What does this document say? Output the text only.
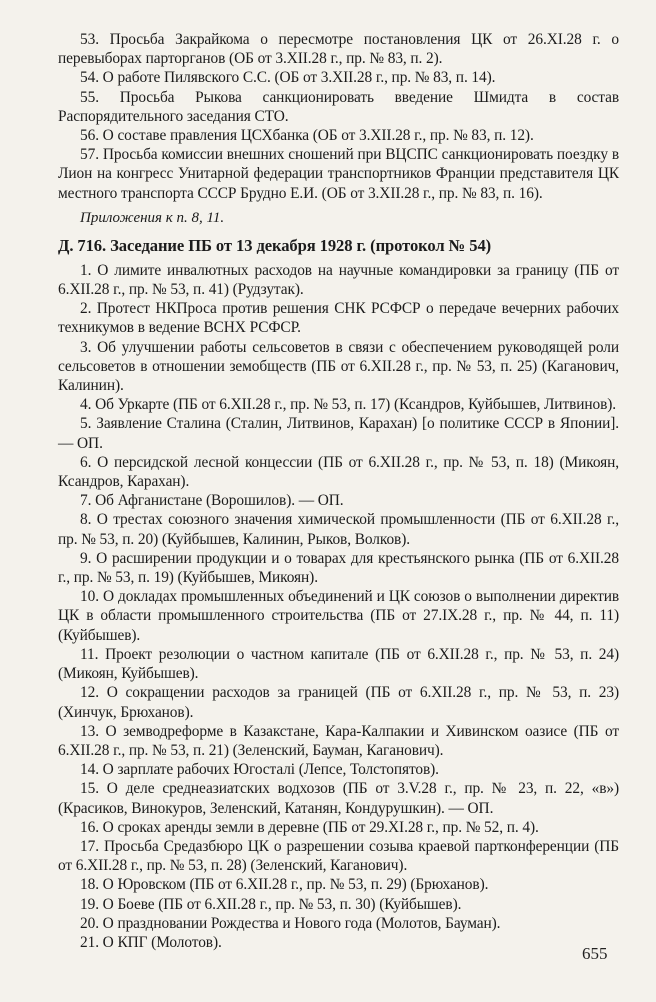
53. Просьба Закрайкома о пересмотре постановления ЦК от 26.XI.28 г. о перевыборах парторганов (ОБ от 3.XII.28 г., пр. № 83, п. 2).

54. О работе Пилявского С.С. (ОБ от 3.XII.28 г., пр. № 83, п. 14).

55. Просьба Рыкова санкционировать введение Шмидта в состав Распорядительного заседания СТО.

56. О составе правления ЦСХбанка (ОБ от 3.XII.28 г., пр. № 83, п. 12).

57. Просьба комиссии внешних сношений при ВЦСПС санкционировать поездку в Лион на конгресс Унитарной федерации транспортников Франции представителя ЦК местного транспорта СССР Брудно Е.И. (ОБ от 3.XII.28 г., пр. № 83, п. 16).

Приложения к п. 8, 11.

Д. 716. Заседание ПБ от 13 декабря 1928 г. (протокол № 54)

1. О лимите инвалютных расходов на научные командировки за границу (ПБ от 6.XII.28 г., пр. № 53, п. 41) (Рудзутак).

2. Протест НКПроса против решения СНК РСФСР о передаче вечерних рабочих техникумов в ведение ВСНХ РСФСР.

3. Об улучшении работы сельсоветов в связи с обеспечением руководящей роли сельсоветов в отношении земобществ (ПБ от 6.XII.28 г., пр. № 53, п. 25) (Каганович, Калинин).

4. Об Уркарте (ПБ от 6.XII.28 г., пр. № 53, п. 17) (Ксандров, Куйбышев, Литвинов).

5. Заявление Сталина (Сталин, Литвинов, Карахан) [о политике СССР в Японии]. — ОП.

6. О персидской лесной концессии (ПБ от 6.XII.28 г., пр. № 53, п. 18) (Микоян, Ксандров, Карахан).

7. Об Афганистане (Ворошилов). — ОП.

8. О трестах союзного значения химической промышленности (ПБ от 6.XII.28 г., пр. № 53, п. 20) (Куйбышев, Калинин, Рыков, Волков).

9. О расширении продукции и о товарах для крестьянского рынка (ПБ от 6.XII.28 г., пр. № 53, п. 19) (Куйбышев, Микоян).

10. О докладах промышленных объединений и ЦК союзов о выполнении директив ЦК в области промышленного строительства (ПБ от 27.IX.28 г., пр. № 44, п. 11) (Куйбышев).

11. Проект резолюции о частном капитале (ПБ от 6.XII.28 г., пр. № 53, п. 24) (Микоян, Куйбышев).

12. О сокращении расходов за границей (ПБ от 6.XII.28 г., пр. № 53, п. 23) (Хинчук, Брюханов).

13. О земводреформе в Казакстане, Кара-Калпакии и Хивинском оазисе (ПБ от 6.XII.28 г., пр. № 53, п. 21) (Зеленский, Бауман, Каганович).

14. О зарплате рабочих Югосталі (Лепсе, Толстопятов).

15. О деле среднеазиатских водхозов (ПБ от 3.V.28 г., пр. № 23, п. 22, «в») (Красиков, Винокуров, Зеленский, Катанян, Кондурушкин). — ОП.

16. О сроках аренды земли в деревне (ПБ от 29.XI.28 г., пр. № 52, п. 4).

17. Просьба Средазбюро ЦК о разрешении созыва краевой партконференции (ПБ от 6.XII.28 г., пр. № 53, п. 28) (Зеленский, Каганович).

18. О Юровском (ПБ от 6.XII.28 г., пр. № 53, п. 29) (Брюханов).

19. О Боеве (ПБ от 6.XII.28 г., пр. № 53, п. 30) (Куйбышев).

20. О праздновании Рождества и Нового года (Молотов, Бауман).

21. О КПГ (Молотов).

655
